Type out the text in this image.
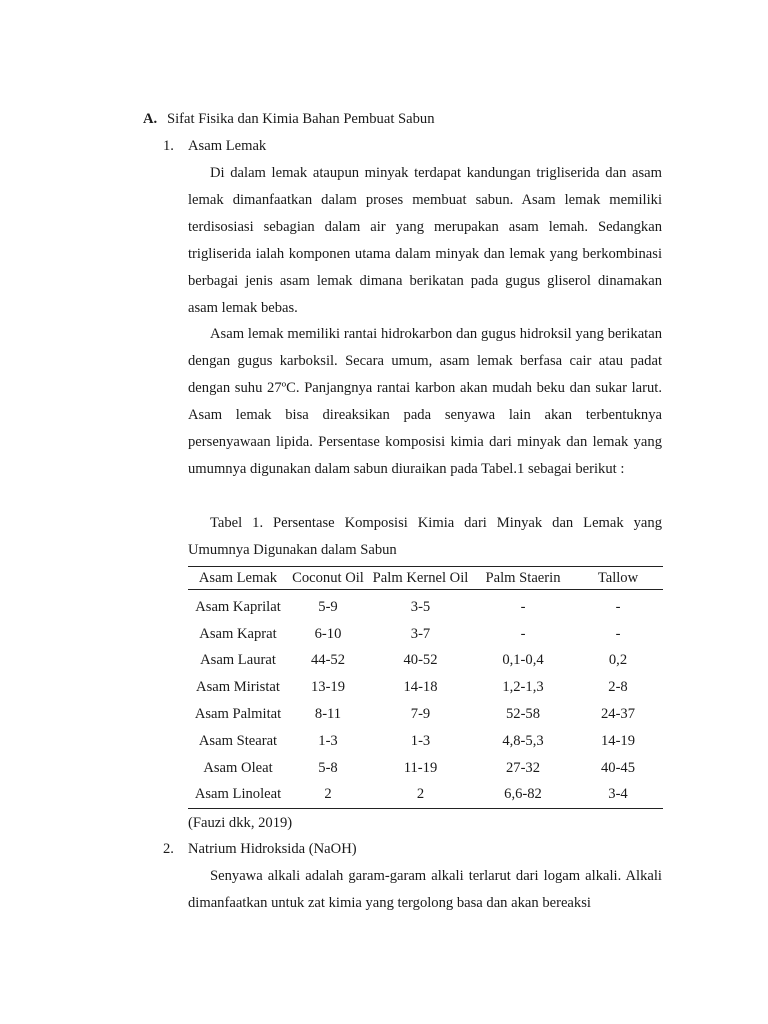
A. Sifat Fisika dan Kimia Bahan Pembuat Sabun
1. Asam Lemak

Di dalam lemak ataupun minyak terdapat kandungan trigliserida dan asam lemak dimanfaatkan dalam proses membuat sabun. Asam lemak memiliki terdisosiasi sebagian dalam air yang merupakan asam lemah. Sedangkan trigliserida ialah komponen utama dalam minyak dan lemak yang berkombinasi berbagai jenis asam lemak dimana berikatan pada gugus gliserol dinamakan asam lemak bebas.

Asam lemak memiliki rantai hidrokarbon dan gugus hidroksil yang berikatan dengan gugus karboksil. Secara umum, asam lemak berfasa cair atau padat dengan suhu 27ºC. Panjangnya rantai karbon akan mudah beku dan sukar larut. Asam lemak bisa direaksikan pada senyawa lain akan terbentuknya persenyawaan lipida. Persentase komposisi kimia dari minyak dan lemak yang umumnya digunakan dalam sabun diuraikan pada Tabel.1 sebagai berikut :

Tabel 1. Persentase Komposisi Kimia dari Minyak dan Lemak yang Umumnya Digunakan dalam Sabun

Asam Lemak	Coconut Oil	Palm Kernel Oil	Palm Staerin	Tallow
Asam Kaprilat	5-9	3-5	-	-
Asam Kaprat	6-10	3-7	-	-
Asam Laurat	44-52	40-52	0,1-0,4	0,2
Asam Miristat	13-19	14-18	1,2-1,3	2-8
Asam Palmitat	8-11	7-9	52-58	24-37
Asam Stearat	1-3	1-3	4,8-5,3	14-19
Asam Oleat	5-8	11-19	27-32	40-45
Asam Linoleat	2	2	6,6-82	3-4
(Fauzi dkk, 2019)
2. Natrium Hidroksida (NaOH)

Senyawa alkali adalah garam-garam alkali terlarut dari logam alkali. Alkali dimanfaatkan untuk zat kimia yang tergolong basa dan akan bereaksi
